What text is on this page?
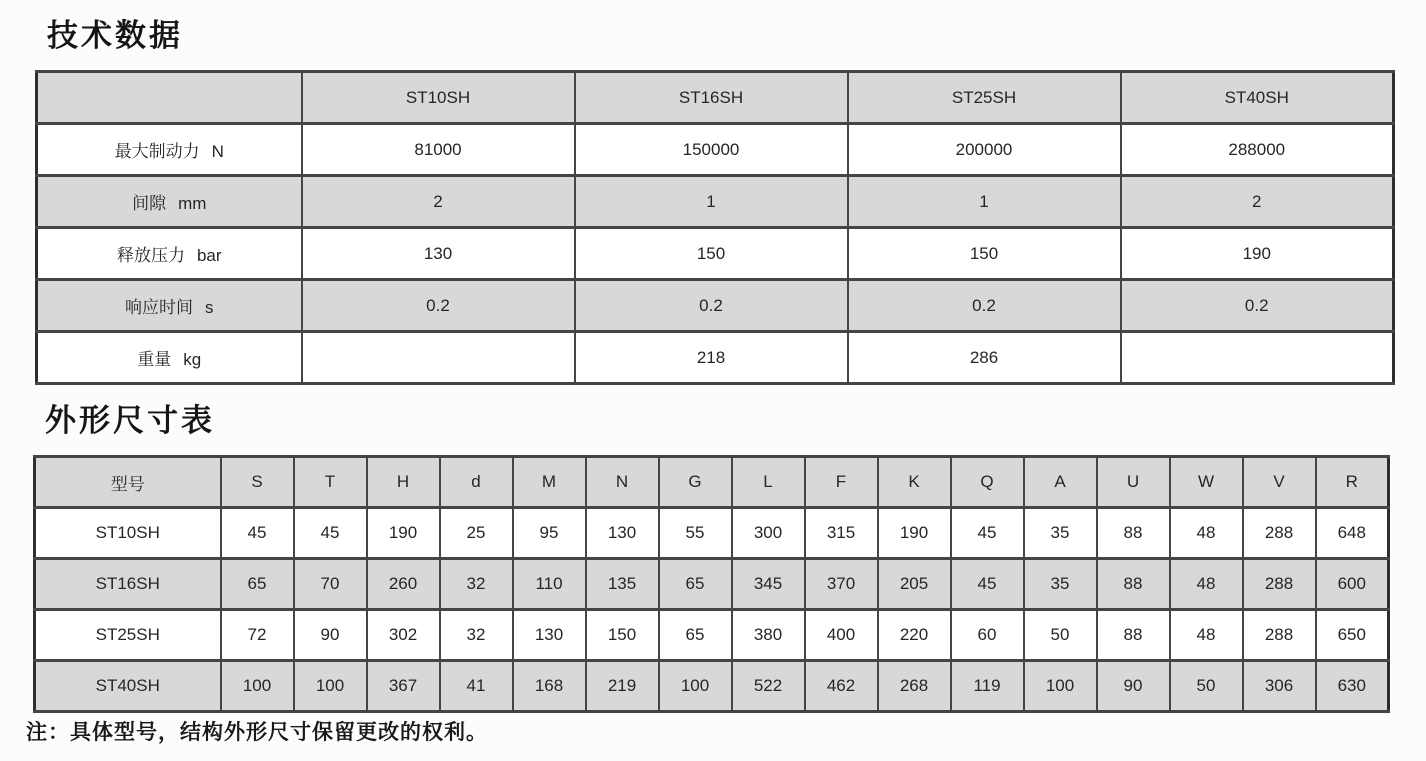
技术数据
	ST10SH	ST16SH	ST25SH	ST40SH
最大制动力 N	81000	150000	200000	288000
间隙 mm	2	1	1	2
释放压力 bar	130	150	150	190
响应时间 s	0.2	0.2	0.2	0.2
重量 kg		218	286	
外形尺寸表
型号	S	T	H	d	M	N	G	L	F	K	Q	A	U	W	V	R
ST10SH	45	45	190	25	95	130	55	300	315	190	45	35	88	48	288	648
ST16SH	65	70	260	32	110	135	65	345	370	205	45	35	88	48	288	600
ST25SH	72	90	302	32	130	150	65	380	400	220	60	50	88	48	288	650
ST40SH	100	100	367	41	168	219	100	522	462	268	119	100	90	50	306	630

注：具体型号，结构外形尺寸保留更改的权利。
